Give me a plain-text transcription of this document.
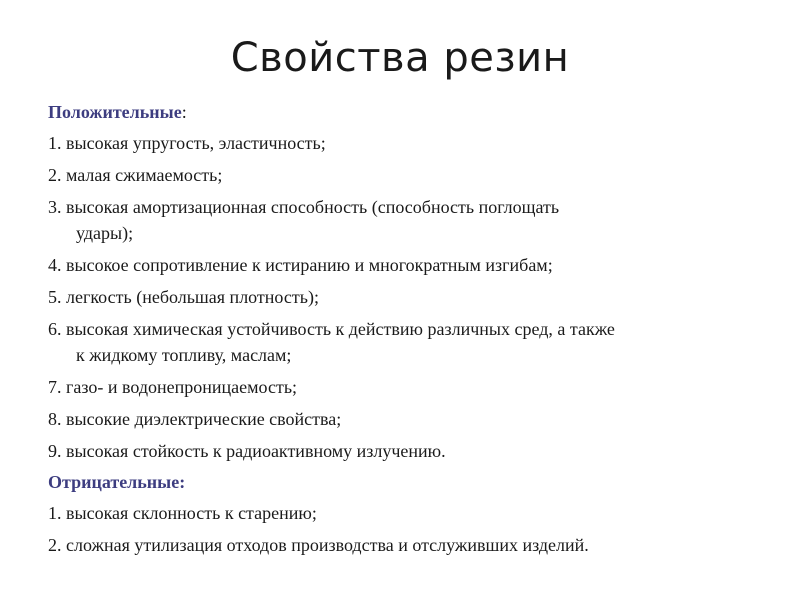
Свойства резин
Положительные:
1. высокая упругость, эластичность;
2. малая сжимаемость;
3. высокая амортизационная способность (способность поглощать
удары);
4. высокое сопротивление к истиранию и многократным изгибам;
5. легкость (небольшая плотность);
6. высокая химическая устойчивость к действию различных сред, а также
к жидкому топливу, маслам;
7. газо- и водонепроницаемость;
8. высокие диэлектрические свойства;
9. высокая стойкость к радиоактивному излучению.
Отрицательные:
1. высокая склонность к старению;
2. сложная утилизация отходов производства и отслуживших изделий.
